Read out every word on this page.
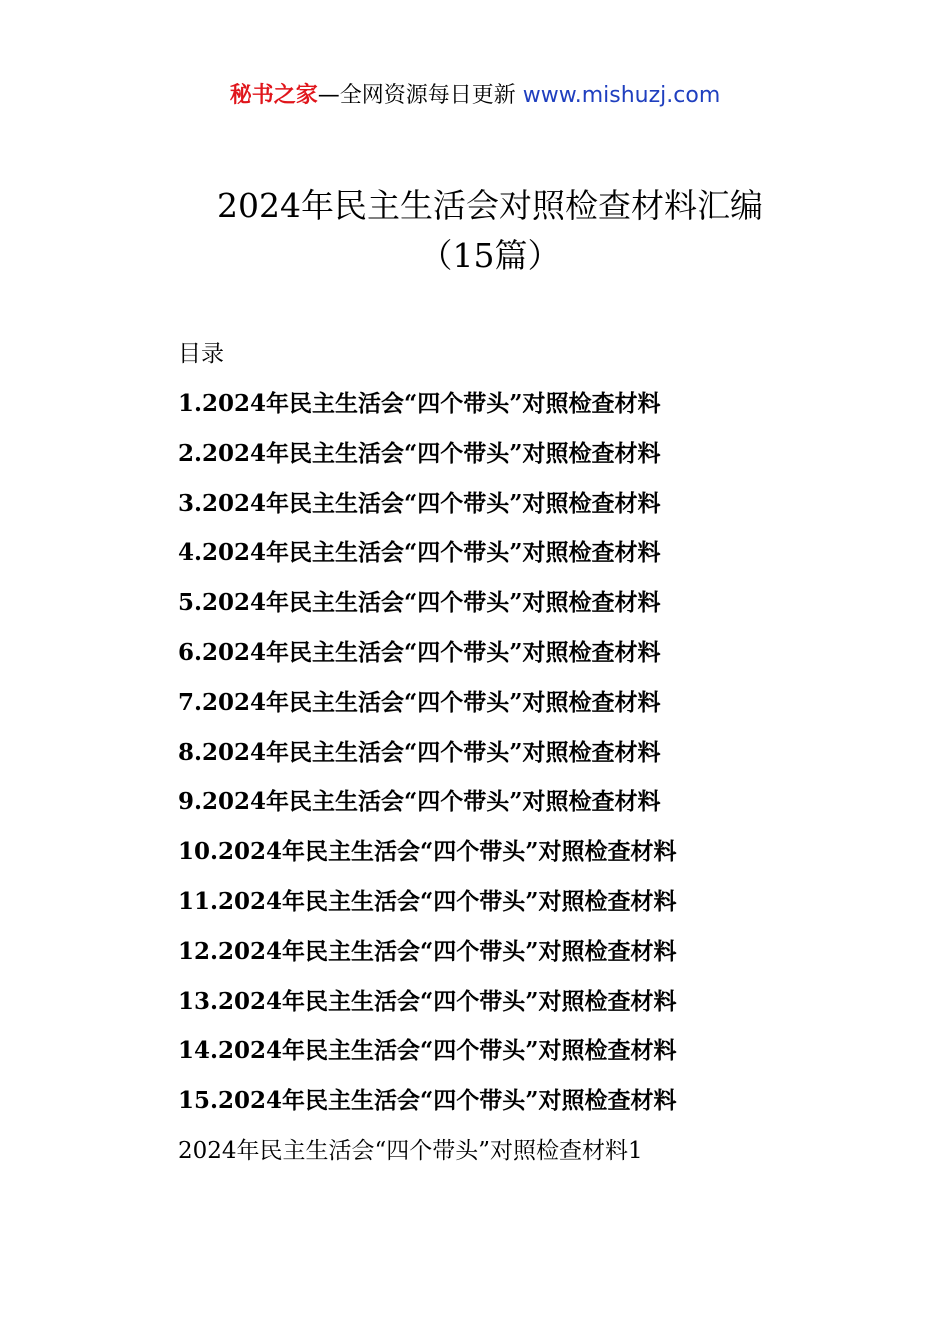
秘书之家—全网资源每日更新 www.mishuzj.com
2024年民主生活会对照检查材料汇编
（15篇）
目录
1.2024年民主生活会“四个带头”对照检查材料
2.2024年民主生活会“四个带头”对照检查材料
3.2024年民主生活会“四个带头”对照检查材料
4.2024年民主生活会“四个带头”对照检查材料
5.2024年民主生活会“四个带头”对照检查材料
6.2024年民主生活会“四个带头”对照检查材料
7.2024年民主生活会“四个带头”对照检查材料
8.2024年民主生活会“四个带头”对照检查材料
9.2024年民主生活会“四个带头”对照检查材料
10.2024年民主生活会“四个带头”对照检查材料
11.2024年民主生活会“四个带头”对照检查材料
12.2024年民主生活会“四个带头”对照检查材料
13.2024年民主生活会“四个带头”对照检查材料
14.2024年民主生活会“四个带头”对照检查材料
15.2024年民主生活会“四个带头”对照检查材料
2024年民主生活会“四个带头”对照检查材料1
